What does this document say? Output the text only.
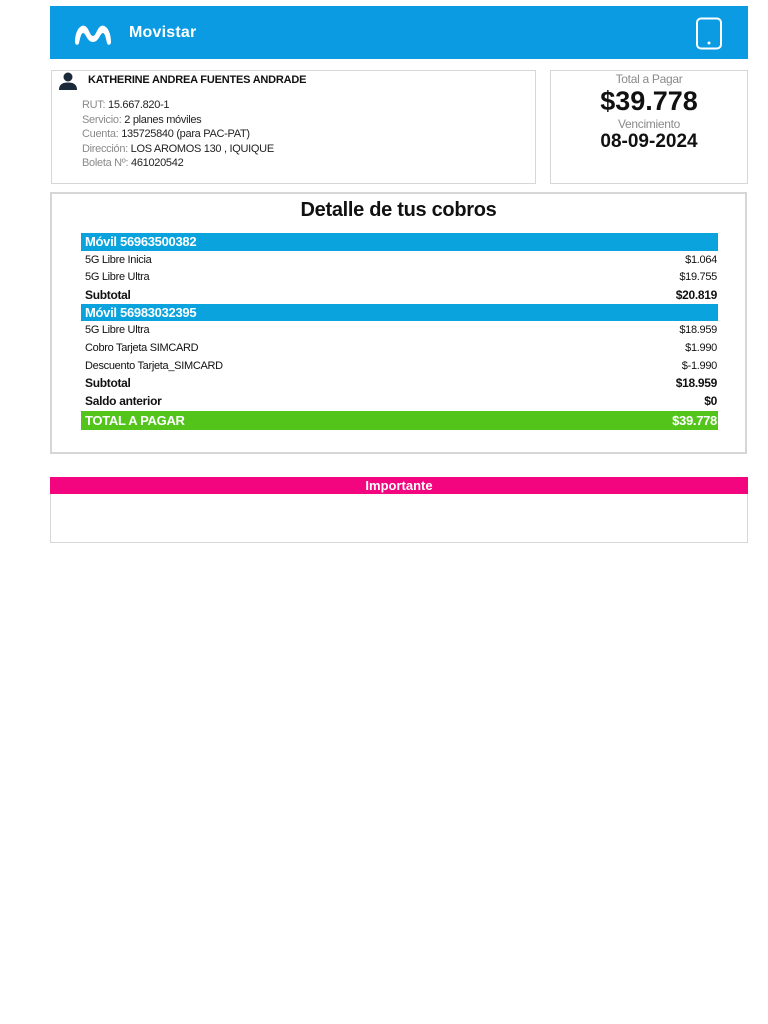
Movistar
KATHERINE ANDREA FUENTES ANDRADE
RUT: 15.667.820-1
Servicio: 2 planes móviles
Cuenta: 135725840 (para PAC-PAT)
Dirección: LOS AROMOS 130 , IQUIQUE
Boleta Nº: 461020542
Total a Pagar
$39.778
Vencimiento
08-09-2024
Detalle de tus cobros
Móvil 56963500382
5G Libre Inicia	$1.064
5G Libre Ultra	$19.755
Subtotal	$20.819
Móvil 56983032395
5G Libre Ultra	$18.959
Cobro Tarjeta SIMCARD	$1.990
Descuento Tarjeta_SIMCARD	$-1.990
Subtotal	$18.959
Saldo anterior	$0
TOTAL A PAGAR	$39.778
Importante
